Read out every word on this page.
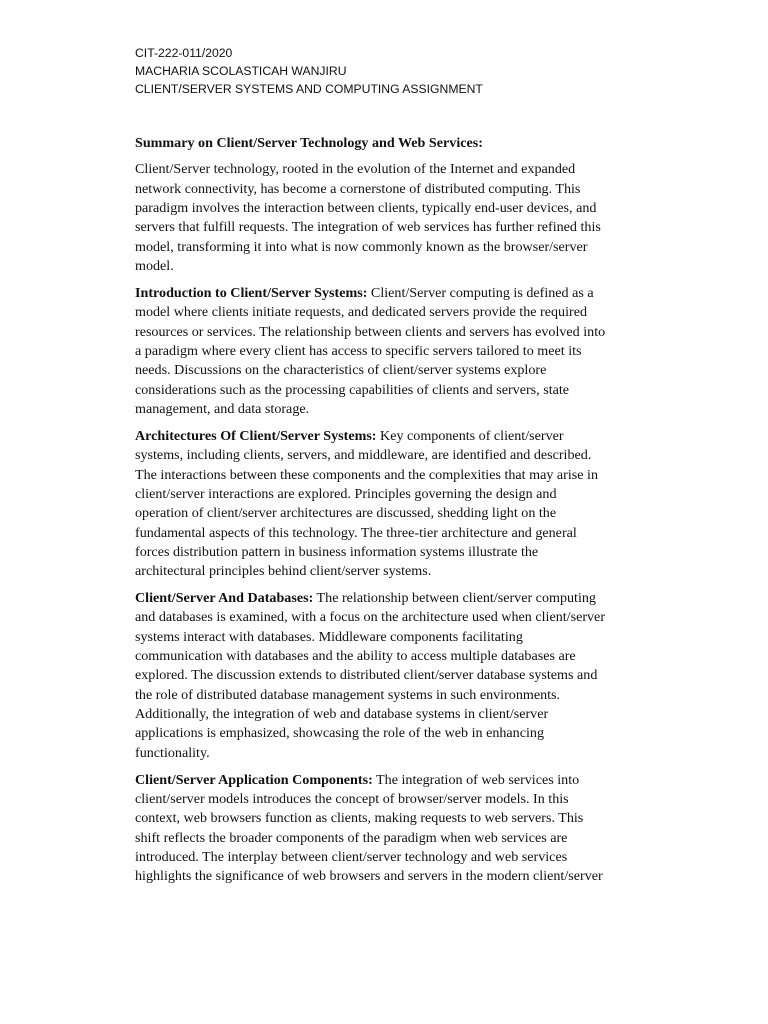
CIT-222-011/2020
MACHARIA SCOLASTICAH WANJIRU
CLIENT/SERVER SYSTEMS AND COMPUTING ASSIGNMENT
Summary on Client/Server Technology and Web Services:
Client/Server technology, rooted in the evolution of the Internet and expanded
network connectivity, has become a cornerstone of distributed computing. This
paradigm involves the interaction between clients, typically end-user devices, and
servers that fulfill requests. The integration of web services has further refined this
model, transforming it into what is now commonly known as the browser/server
model.
Introduction to Client/Server Systems: Client/Server computing is defined as a
model where clients initiate requests, and dedicated servers provide the required
resources or services. The relationship between clients and servers has evolved into
a paradigm where every client has access to specific servers tailored to meet its
needs. Discussions on the characteristics of client/server systems explore
considerations such as the processing capabilities of clients and servers, state
management, and data storage.
Architectures Of Client/Server Systems: Key components of client/server
systems, including clients, servers, and middleware, are identified and described.
The interactions between these components and the complexities that may arise in
client/server interactions are explored. Principles governing the design and
operation of client/server architectures are discussed, shedding light on the
fundamental aspects of this technology. The three-tier architecture and general
forces distribution pattern in business information systems illustrate the
architectural principles behind client/server systems.
Client/Server And Databases: The relationship between client/server computing
and databases is examined, with a focus on the architecture used when client/server
systems interact with databases. Middleware components facilitating
communication with databases and the ability to access multiple databases are
explored. The discussion extends to distributed client/server database systems and
the role of distributed database management systems in such environments.
Additionally, the integration of web and database systems in client/server
applications is emphasized, showcasing the role of the web in enhancing
functionality.
Client/Server Application Components: The integration of web services into
client/server models introduces the concept of browser/server models. In this
context, web browsers function as clients, making requests to web servers. This
shift reflects the broader components of the paradigm when web services are
introduced. The interplay between client/server technology and web services
highlights the significance of web browsers and servers in the modern client/server
